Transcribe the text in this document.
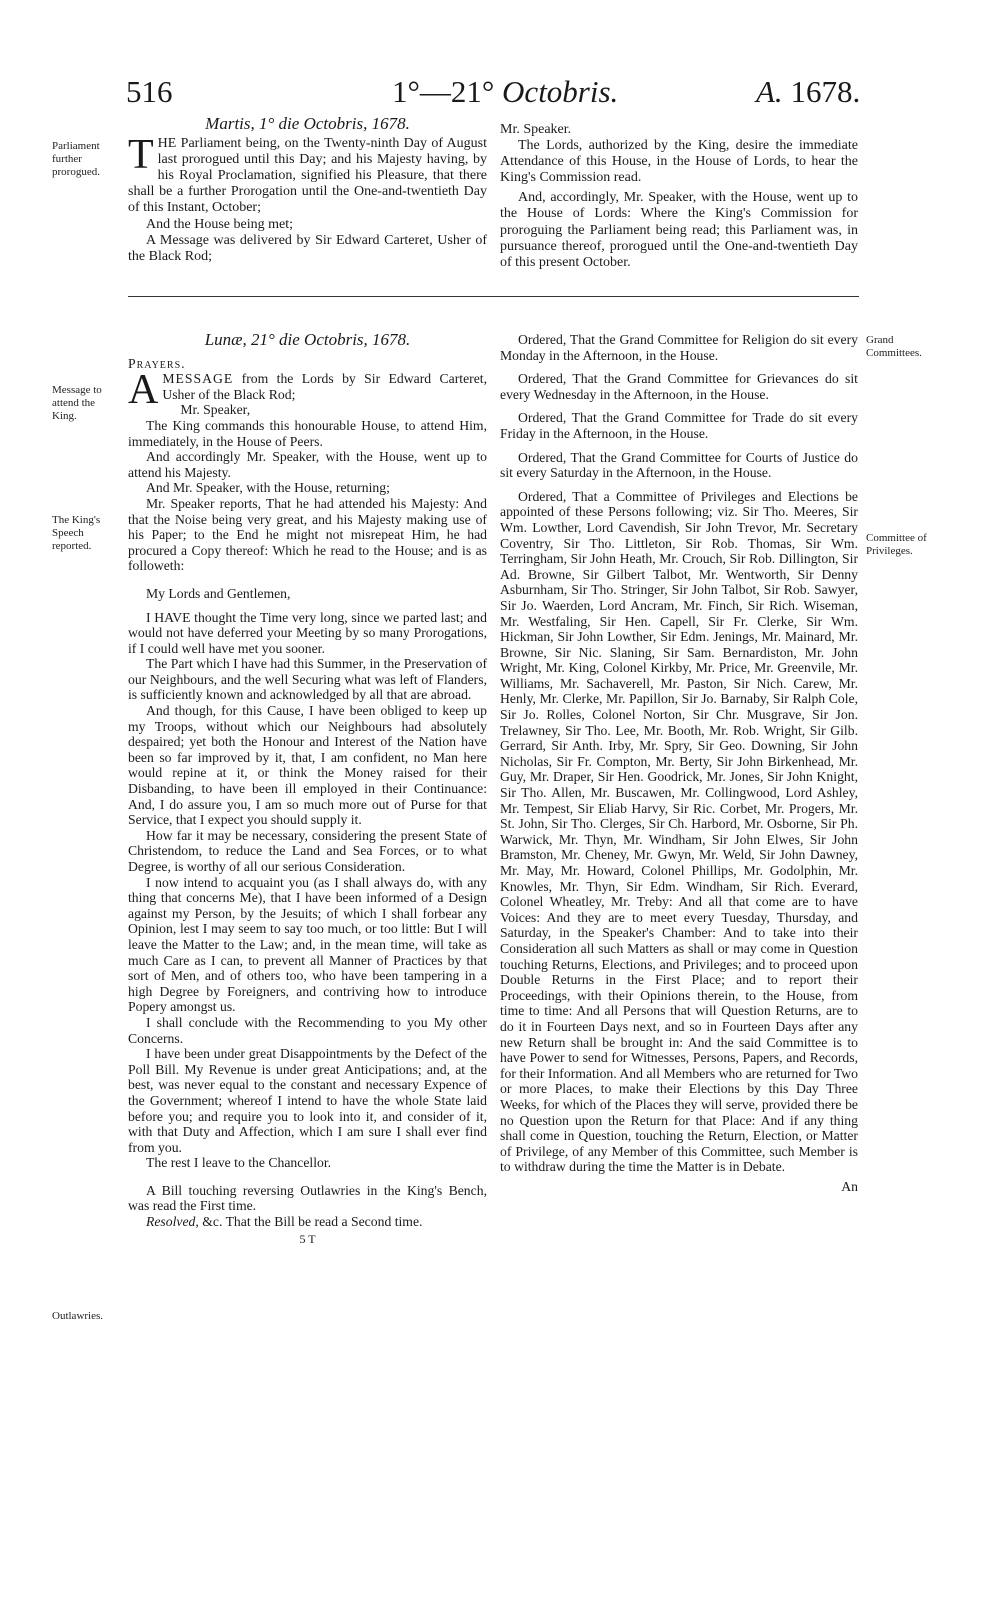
516	1°—21° Octobris.	A. 1678.
Parliament further prorogued.
Message to attend the King.
The King's Speech reported.
Outlawries.
Grand Committees.
Committee of Privileges.

Martis, 1° die Octobris, 1678.

THE Parliament being, on the Twenty-ninth Day of August last prorogued until this Day; and his Majesty having, by his Royal Proclamation, signified his Pleasure, that there shall be a further Prorogation until the One-and-twentieth Day of this Instant, October;

And the House being met;

A Message was delivered by Sir Edward Carteret, Usher of the Black Rod;

Mr. Speaker.

The Lords, authorized by the King, desire the immediate Attendance of this House, in the House of Lords, to hear the King's Commission read.

And, accordingly, Mr. Speaker, with the House, went up to the House of Lords: Where the King's Commission for proroguing the Parliament being read; this Parliament was, in pursuance thereof, prorogued until the One-and-twentieth Day of this present October.

Lunæ, 21° die Octobris, 1678.

Prayers.

AMESSAGE from the Lords by Sir Edward Carteret, Usher of the Black Rod;

Mr. Speaker,

The King commands this honourable House, to attend Him, immediately, in the House of Peers.

And accordingly Mr. Speaker, with the House, went up to attend his Majesty.

And Mr. Speaker, with the House, returning;

Mr. Speaker reports, That he had attended his Majesty: And that the Noise being very great, and his Majesty making use of his Paper; to the End he might not misrepeat Him, he had procured a Copy thereof: Which he read to the House; and is as followeth:

My Lords and Gentlemen,

I HAVE thought the Time very long, since we parted last; and would not have deferred your Meeting by so many Prorogations, if I could well have met you sooner.

The Part which I have had this Summer, in the Preservation of our Neighbours, and the well Securing what was left of Flanders, is sufficiently known and acknowledged by all that are abroad.

And though, for this Cause, I have been obliged to keep up my Troops, without which our Neighbours had absolutely despaired; yet both the Honour and Interest of the Nation have been so far improved by it, that, I am confident, no Man here would repine at it, or think the Money raised for their Disbanding, to have been ill employed in their Continuance: And, I do assure you, I am so much more out of Purse for that Service, that I expect you should supply it.

How far it may be necessary, considering the present State of Christendom, to reduce the Land and Sea Forces, or to what Degree, is worthy of all our serious Consideration.

I now intend to acquaint you (as I shall always do, with any thing that concerns Me), that I have been informed of a Design against my Person, by the Jesuits; of which I shall forbear any Opinion, lest I may seem to say too much, or too little: But I will leave the Matter to the Law; and, in the mean time, will take as much Care as I can, to prevent all Manner of Practices by that sort of Men, and of others too, who have been tampering in a high Degree by Foreigners, and contriving how to introduce Popery amongst us.

I shall conclude with the Recommending to you My other Concerns.

I have been under great Disappointments by the Defect of the Poll Bill. My Revenue is under great Anticipations; and, at the best, was never equal to the constant and necessary Expence of the Government; whereof I intend to have the whole State laid before you; and require you to look into it, and consider of it, with that Duty and Affection, which I am sure I shall ever find from you.

The rest I leave to the Chancellor.

A Bill touching reversing Outlawries in the King's Bench, was read the First time.

Resolved, &c. That the Bill be read a Second time.

5 T

Ordered, That the Grand Committee for Religion do sit every Monday in the Afternoon, in the House.

Ordered, That the Grand Committee for Grievances do sit every Wednesday in the Afternoon, in the House.

Ordered, That the Grand Committee for Trade do sit every Friday in the Afternoon, in the House.

Ordered, That the Grand Committee for Courts of Justice do sit every Saturday in the Afternoon, in the House.

Ordered, That a Committee of Privileges and Elections be appointed of these Persons following; viz. Sir Tho. Meeres, Sir Wm. Lowther, Lord Cavendish, Sir John Trevor, Mr. Secretary Coventry, Sir Tho. Littleton, Sir Rob. Thomas, Sir Wm. Terringham, Sir John Heath, Mr. Crouch, Sir Rob. Dillington, Sir Ad. Browne, Sir Gilbert Talbot, Mr. Wentworth, Sir Denny Asburnham, Sir Tho. Stringer, Sir John Talbot, Sir Rob. Sawyer, Sir Jo. Waerden, Lord Ancram, Mr. Finch, Sir Rich. Wiseman, Mr. Westfaling, Sir Hen. Capell, Sir Fr. Clerke, Sir Wm. Hickman, Sir John Lowther, Sir Edm. Jenings, Mr. Mainard, Mr. Browne, Sir Nic. Slaning, Sir Sam. Bernardiston, Mr. John Wright, Mr. King, Colonel Kirkby, Mr. Price, Mr. Greenvile, Mr. Williams, Mr. Sachaverell, Mr. Paston, Sir Nich. Carew, Mr. Henly, Mr. Clerke, Mr. Papillon, Sir Jo. Barnaby, Sir Ralph Cole, Sir Jo. Rolles, Colonel Norton, Sir Chr. Musgrave, Sir Jon. Trelawney, Sir Tho. Lee, Mr. Booth, Mr. Rob. Wright, Sir Gilb. Gerrard, Sir Anth. Irby, Mr. Spry, Sir Geo. Downing, Sir John Nicholas, Sir Fr. Compton, Mr. Berty, Sir John Birkenhead, Mr. Guy, Mr. Draper, Sir Hen. Goodrick, Mr. Jones, Sir John Knight, Sir Tho. Allen, Mr. Buscawen, Mr. Collingwood, Lord Ashley, Mr. Tempest, Sir Eliab Harvy, Sir Ric. Corbet, Mr. Progers, Mr. St. John, Sir Tho. Clerges, Sir Ch. Harbord, Mr. Osborne, Sir Ph. Warwick, Mr. Thyn, Mr. Windham, Sir John Elwes, Sir John Bramston, Mr. Cheney, Mr. Gwyn, Mr. Weld, Sir John Dawney, Mr. May, Mr. Howard, Colonel Phillips, Mr. Godolphin, Mr. Knowles, Mr. Thyn, Sir Edm. Windham, Sir Rich. Everard, Colonel Wheatley, Mr. Treby: And all that come are to have Voices: And they are to meet every Tuesday, Thursday, and Saturday, in the Speaker's Chamber: And to take into their Consideration all such Matters as shall or may come in Question touching Returns, Elections, and Privileges; and to proceed upon Double Returns in the First Place; and to report their Proceedings, with their Opinions therein, to the House, from time to time: And all Persons that will Question Returns, are to do it in Fourteen Days next, and so in Fourteen Days after any new Return shall be brought in: And the said Committee is to have Power to send for Witnesses, Persons, Papers, and Records, for their Information. And all Members who are returned for Two or more Places, to make their Elections by this Day Three Weeks, for which of the Places they will serve, provided there be no Question upon the Return for that Place: And if any thing shall come in Question, touching the Return, Election, or Matter of Privilege, of any Member of this Committee, such Member is to withdraw during the time the Matter is in Debate.

An
